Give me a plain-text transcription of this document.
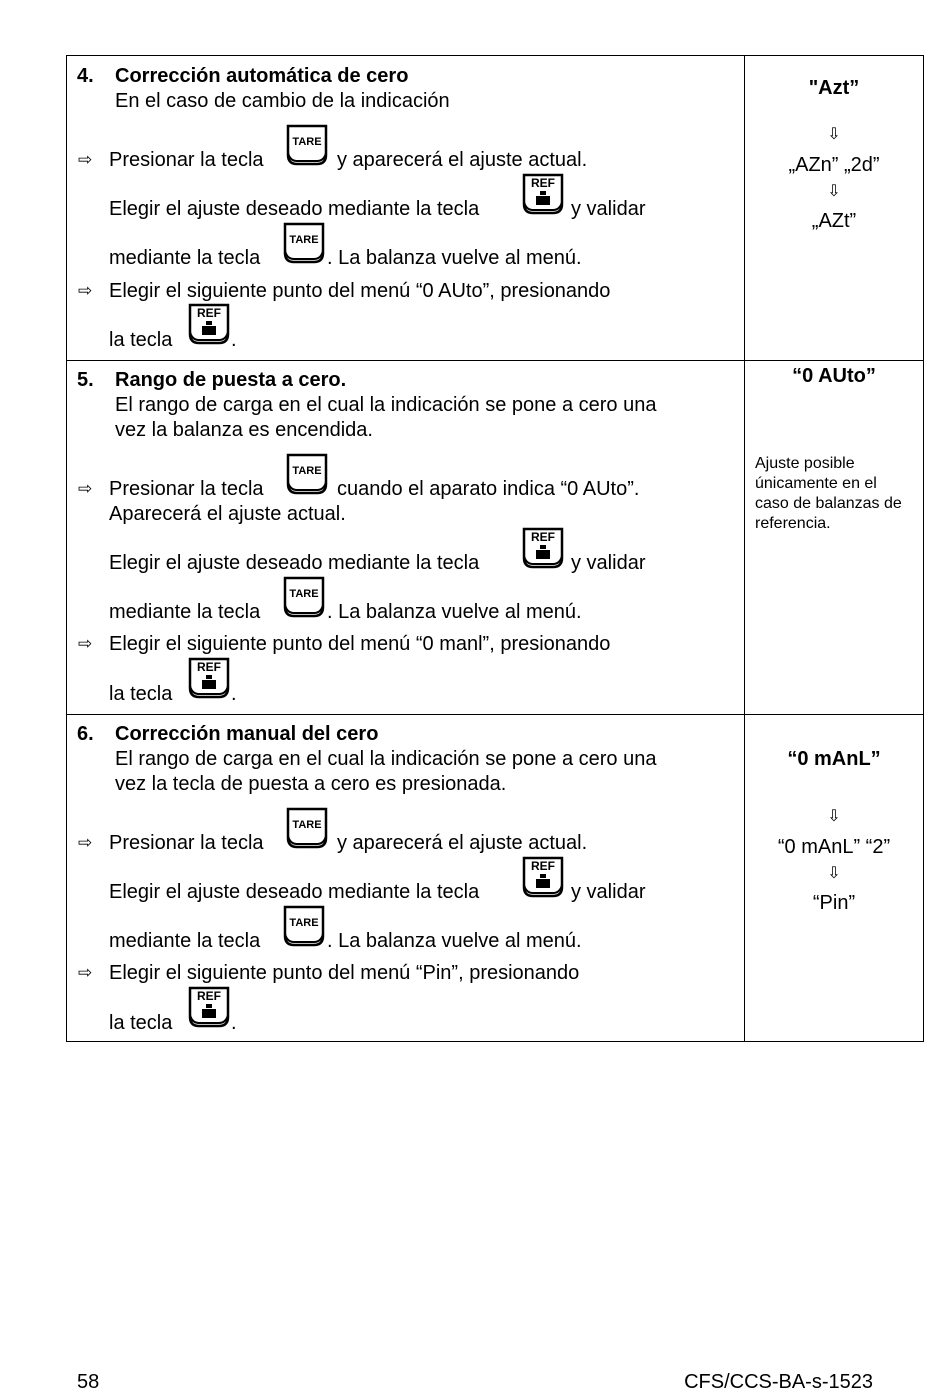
4. Corrección automática de cero
En el caso de cambio de la indicación
⇨ Presionar la tecla
TARE
y aparecerá el ajuste actual.
Elegir el ajuste deseado mediante la tecla
REF
y validar
mediante la tecla
TARE
. La balanza vuelve al menú.
⇨ Elegir el siguiente punto del menú “0 AUto”, presionando
la tecla
REF
.
"Azt”
⇩
„AZn” „2d”
⇩
„AZt”
5. Rango de puesta a cero.
El rango de carga en el cual la indicación se pone a cero una
vez la balanza es encendida.
⇨ Presionar la tecla
TARE
cuando el aparato indica “0 AUto”.
Aparecerá el ajuste actual.
Elegir el ajuste deseado mediante la tecla
REF
y validar
mediante la tecla
TARE
. La balanza vuelve al menú.
⇨ Elegir el siguiente punto del menú “0 manl”, presionando
la tecla
REF
.
“0 AUto”
Ajuste posible únicamente en el caso de balanzas de referencia.
6. Corrección manual del cero
El rango de carga en el cual la indicación se pone a cero una
vez la tecla de puesta a cero es presionada.
⇨ Presionar la tecla
TARE
y aparecerá el ajuste actual.
Elegir el ajuste deseado mediante la tecla
REF
y validar
mediante la tecla
TARE
. La balanza vuelve al menú.
⇨ Elegir el siguiente punto del menú “Pin”, presionando
la tecla
REF
.
“0 mAnL”
⇩
“0 mAnL” “2”
⇩
“Pin”
58	CFS/CCS-BA-s-1523
